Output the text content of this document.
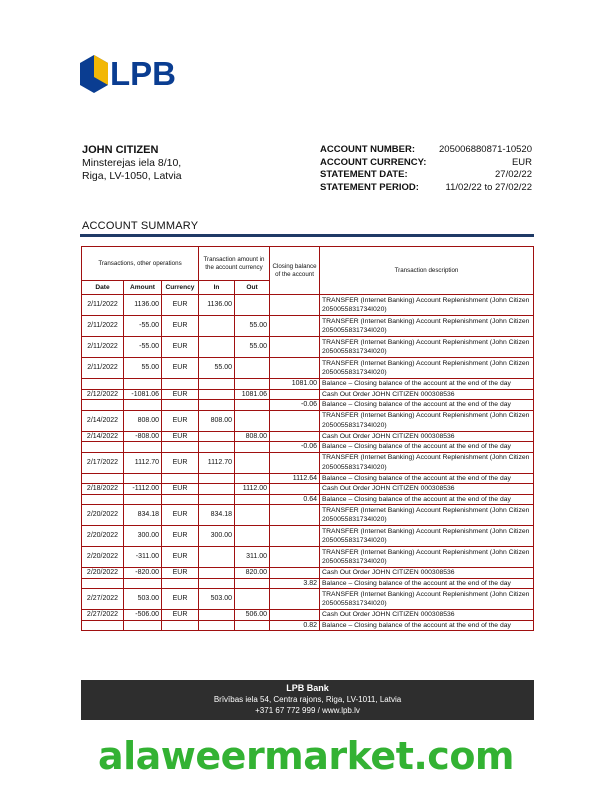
LPB
JOHN CITIZEN
Minsterejas iela 8/10,
Riga, LV-1050, Latvia
ACCOUNT NUMBER:	205006880871-10520
ACCOUNT CURRENCY:	EUR
STATEMENT DATE:	27/02/22
STATEMENT PERIOD:	11/02/22 to 27/02/22
ACCOUNT SUMMARY
Transactions, other operations			Transaction amount in the account currency		Closing balance of the account	Transaction description
Date	Amount	Currency	In	Out		
2/11/2022	1136.00	EUR	1136.00			TRANSFER (Internet Banking) Account Replenishment (John Citizen 2050055831734I020)
2/11/2022	-55.00	EUR		55.00		TRANSFER (Internet Banking) Account Replenishment (John Citizen 2050055831734I020)
2/11/2022	-55.00	EUR		55.00		TRANSFER (Internet Banking) Account Replenishment (John Citizen 2050055831734I020)
2/11/2022	55.00	EUR	55.00			TRANSFER (Internet Banking) Account Replenishment (John Citizen 2050055831734I020)
					1081.00	Balance – Closing balance of the account at the end of the day
2/12/2022	-1081.06	EUR		1081.06		Cash Out Order JOHN CITIZEN 000308536
					-0.06	Balance – Closing balance of the account at the end of the day
2/14/2022	808.00	EUR	808.00			TRANSFER (Internet Banking) Account Replenishment (John Citizen 2050055831734I020)
2/14/2022	-808.00	EUR		808.00		Cash Out Order JOHN CITIZEN 000308536
					-0.06	Balance – Closing balance of the account at the end of the day
2/17/2022	1112.70	EUR	1112.70			TRANSFER (Internet Banking) Account Replenishment (John Citizen 2050055831734I020)
					1112.64	Balance – Closing balance of the account at the end of the day
2/18/2022	-1112.00	EUR		1112.00		Cash Out Order JOHN CITIZEN 000308536
					0.64	Balance – Closing balance of the account at the end of the day
2/20/2022	834.18	EUR	834.18			TRANSFER (Internet Banking) Account Replenishment (John Citizen 2050055831734I020)
2/20/2022	300.00	EUR	300.00			TRANSFER (Internet Banking) Account Replenishment (John Citizen 2050055831734I020)
2/20/2022	-311.00	EUR		311.00		TRANSFER (Internet Banking) Account Replenishment (John Citizen 2050055831734I020)
2/20/2022	-820.00	EUR		820.00		Cash Out Order JOHN CITIZEN 000308536
					3.82	Balance – Closing balance of the account at the end of the day
2/27/2022	503.00	EUR	503.00			TRANSFER (Internet Banking) Account Replenishment (John Citizen 2050055831734I020)
2/27/2022	-506.00	EUR		506.00		Cash Out Order JOHN CITIZEN 000308536
					0.82	Balance – Closing balance of the account at the end of the day
LPB Bank
Brīvības iela 54, Centra rajons, Riga, LV-1011, Latvia
+371 67 772 999 / www.lpb.lv
alaweermarket.com
